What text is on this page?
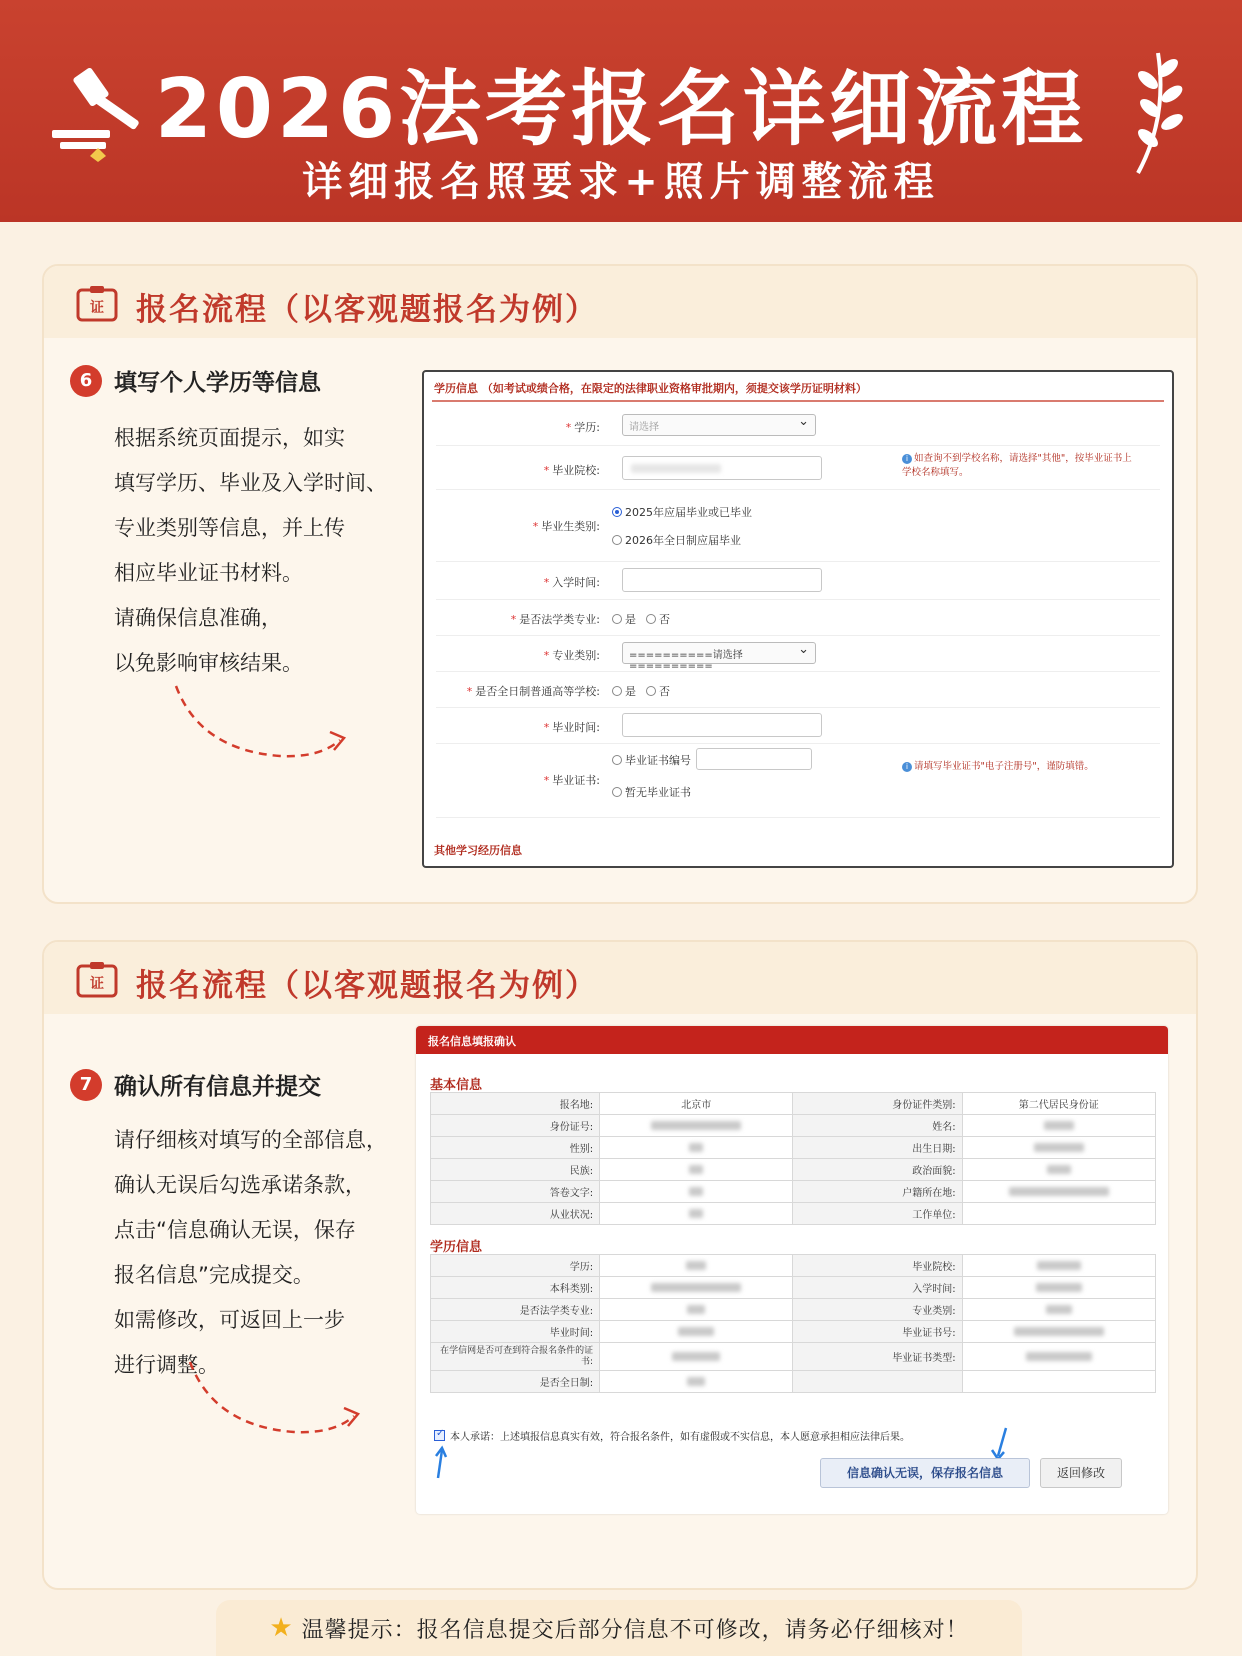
2026法考报名详细流程
详细报名照要求+照片调整流程
证 报名流程（以客观题报名为例）
6 填写个人学历等信息

根据系统页面提示，如实

填写学历、毕业及入学时间、

专业类别等信息，并上传

相应毕业证书材料。

请确保信息准确，

以免影响审核结果。

学历信息 （如考试或绩合格，在限定的法律职业资格审批期内，须提交该学历证明材料）
* 学历:	请选择 ⌄
* 毕业院校:
i 如查询不到学校名称，请选择"其他"，按毕业证书上学校名称填写。
* 毕业生类别:
2025年应届毕业或已毕业
2026年全日制应届毕业
* 入学时间:
* 是否法学类专业: 是 否
* 专业类别:	==========请选择========== ⌄
* 是否全日制普通高等学校: 是 否
* 毕业时间:
* 毕业证书:
毕业证书编号
暂无毕业证书
i 请填写毕业证书"电子注册号"，谨防填错。
其他学习经历信息
证 报名流程（以客观题报名为例）
7 确认所有信息并提交

请仔细核对填写的全部信息，

确认无误后勾选承诺条款，

点击“信息确认无误，保存

报名信息”完成提交。

如需修改，可返回上一步

进行调整。

报名信息填报确认
基本信息
报名地:	北京市	身份证件类别:	第二代居民身份证
身份证号:		姓名:	
性别:		出生日期:	
民族:		政治面貌:	
答卷文字:		户籍所在地:	
从业状况:		工作单位:	
学历信息
学历:		毕业院校:	
本科类别:		入学时间:	
是否法学类专业:		专业类别:	
毕业时间:		毕业证书号:	
在学信网是否可查到符合报名条件的证书:		毕业证书类型:	
是否全日制:			
✓
本人承诺：上述填报信息真实有效，符合报名条件，如有虚假或不实信息，本人愿意承担相应法律后果。
信息确认无误，保存报名信息	返回修改
★ 温馨提示：报名信息提交后部分信息不可修改，请务必仔细核对！
